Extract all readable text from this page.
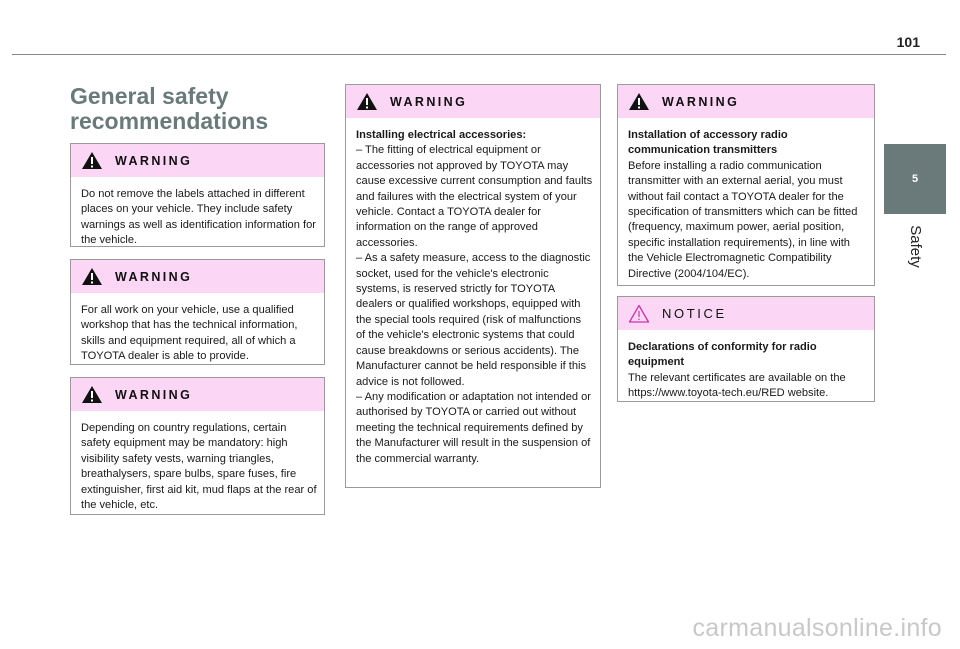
101
5
Safety
General safety recommendations
WARNING

Do not remove the labels attached in different places on your vehicle. They include safety warnings as well as identification information for the vehicle.

WARNING

For all work on your vehicle, use a qualified workshop that has the technical information, skills and equipment required, all of which a TOYOTA dealer is able to provide.

WARNING

Depending on country regulations, certain safety equipment may be mandatory: high visibility safety vests, warning triangles, breathalysers, spare bulbs, spare fuses, fire extinguisher, first aid kit, mud flaps at the rear of the vehicle, etc.

WARNING

Installing electrical accessories:

– The fitting of electrical equipment or accessories not approved by TOYOTA may cause excessive current consumption and faults and failures with the electrical system of your vehicle. Contact a TOYOTA dealer for information on the range of approved accessories.

– As a safety measure, access to the diagnostic socket, used for the vehicle's electronic systems, is reserved strictly for TOYOTA dealers or qualified workshops, equipped with the special tools required (risk of malfunctions of the vehicle's electronic systems that could cause breakdowns or serious accidents). The Manufacturer cannot be held responsible if this advice is not followed.

– Any modification or adaptation not intended or authorised by TOYOTA or carried out without meeting the technical requirements defined by the Manufacturer will result in the suspension of the commercial warranty.

WARNING

Installation of accessory radio communication transmitters

Before installing a radio communication transmitter with an external aerial, you must without fail contact a TOYOTA dealer for the specification of transmitters which can be fitted (frequency, maximum power, aerial position, specific installation requirements), in line with the Vehicle Electromagnetic Compatibility Directive (2004/104/EC).

NOTICE

Declarations of conformity for radio equipment

The relevant certificates are available on the https://www.toyota-tech.eu/RED website.

carmanualsonline.info
